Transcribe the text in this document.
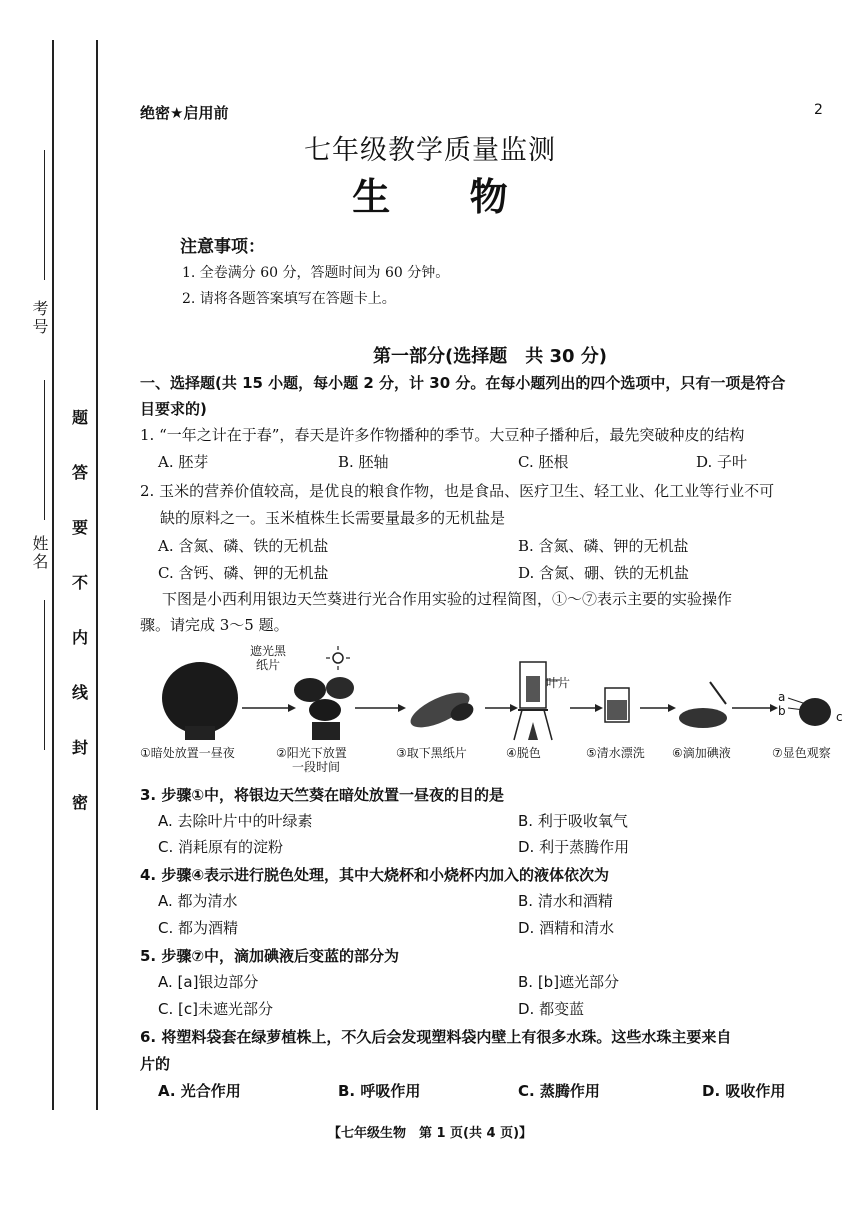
考号
姓名
题
答
要
不
内
线
封
密
绝密★启用前	2
七年级教学质量监测
生      物
注意事项：
1. 全卷满分 60 分，答题时间为 60 分钟。
2. 请将各题答案填写在答题卡上。
第一部分(选择题　共 30 分)
一、选择题(共 15 小题，每小题 2 分，计 30 分。在每小题列出的四个选项中，只有一项是符合
目要求的)
1. “一年之计在于春”，春天是许多作物播种的季节。大豆种子播种后，最先突破种皮的结构
A. 胚芽	B. 胚轴	C. 胚根	D. 子叶
2. 玉米的营养价值较高，是优良的粮食作物，也是食品、医疗卫生、轻工业、化工业等行业不可
缺的原料之一。玉米植株生长需要量最多的无机盐是
A. 含氮、磷、铁的无机盐	B. 含氮、磷、钾的无机盐
C. 含钙、磷、钾的无机盐	D. 含氮、硼、铁的无机盐
下图是小西利用银边天竺葵进行光合作用实验的过程简图，①～⑦表示主要的实验操作
骤。请完成 3～5 题。
遮光黑
纸片
叶片
a
b	c
①暗处放置一昼夜	②阳光下放置
一段时间
③取下黑纸片	④脱色	⑤清水漂洗 ⑥滴加碘液	⑦显色观察
3. 步骤①中，将银边天竺葵在暗处放置一昼夜的目的是
A. 去除叶片中的叶绿素	B. 利于吸收氧气
C. 消耗原有的淀粉	D. 利于蒸腾作用
4. 步骤④表示进行脱色处理，其中大烧杯和小烧杯内加入的液体依次为
A. 都为清水	B. 清水和酒精
C. 都为酒精	D. 酒精和清水
5. 步骤⑦中，滴加碘液后变蓝的部分为
A. [a]银边部分	B. [b]遮光部分
C. [c]未遮光部分	D. 都变蓝
6. 将塑料袋套在绿萝植株上，不久后会发现塑料袋内壁上有很多水珠。这些水珠主要来自
片的
A. 光合作用	B. 呼吸作用	C. 蒸腾作用	D. 吸收作用
【七年级生物　第 1 页(共 4 页)】
